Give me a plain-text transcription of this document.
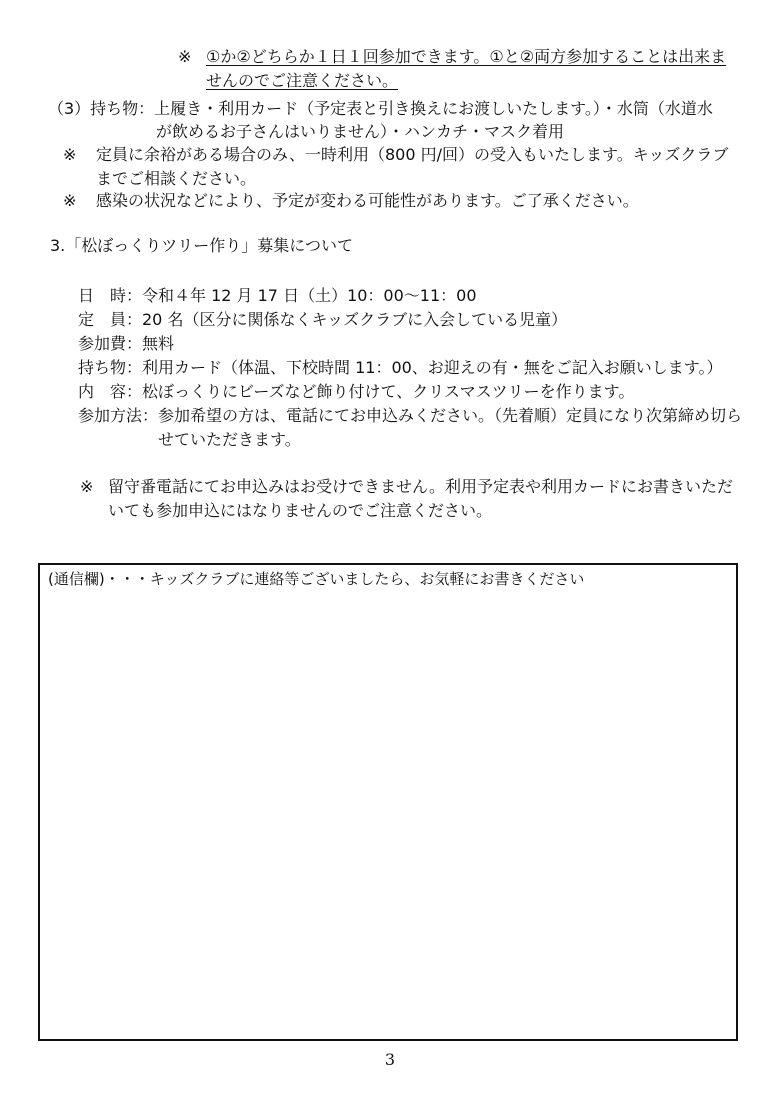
※ ①か②どちらか１日１回参加できます。①と②両方参加することは出来ま
せんのでご注意ください。
（3）持ち物：上履き・利用カード（予定表と引き換えにお渡しいたします。）・水筒（水道水
が飲めるお子さんはいりません）・ハンカチ・マスク着用
※ 定員に余裕がある場合のみ、一時利用（800 円/回）の受入もいたします。キッズクラブ
までご相談ください。
※ 感染の状況などにより、予定が変わる可能性があります。ご了承ください。
3.「松ぼっくりツリー作り」募集について
日　時：令和４年 12 月 17 日（土）10：00～11：00
定　員：20 名（区分に関係なくキッズクラブに入会している児童）
参加費：無料
持ち物：利用カード（体温、下校時間 11：00、お迎えの有・無をご記入お願いします。）
内　容：松ぼっくりにビーズなど飾り付けて、クリスマスツリーを作ります。
参加方法：参加希望の方は、電話にてお申込みください。（先着順）定員になり次第締め切ら
せていただきます。
※ 留守番電話にてお申込みはお受けできません。利用予定表や利用カードにお書きいただ
いても参加申込にはなりませんのでご注意ください。
(通信欄)・・・キッズクラブに連絡等ございましたら、お気軽にお書きください
3
